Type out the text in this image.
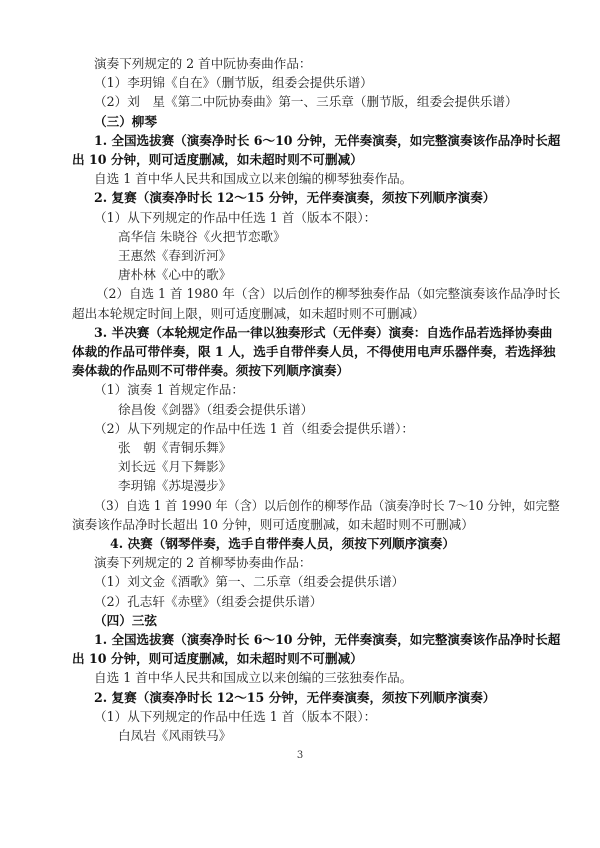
演奏下列规定的 2 首中阮协奏曲作品：
（1）李玥锦《自在》（删节版，组委会提供乐谱）
（2）刘　星《第二中阮协奏曲》第一、三乐章（删节版，组委会提供乐谱）
（三）柳琴
1. 全国选拔赛（演奏净时长 6～10 分钟，无伴奏演奏，如完整演奏该作品净时长超
出 10 分钟，则可适度删减，如未超时则不可删减）
自选 1 首中华人民共和国成立以来创编的柳琴独奏作品。
2. 复赛（演奏净时长 12～15 分钟，无伴奏演奏，须按下列顺序演奏）
（1）从下列规定的作品中任选 1 首（版本不限）：
高华信 朱晓谷《火把节恋歌》
王惠然《春到沂河》
唐朴林《心中的歌》
（2）自选 1 首 1980 年（含）以后创作的柳琴独奏作品（如完整演奏该作品净时长
超出本轮规定时间上限，则可适度删减，如未超时则不可删减）
3. 半决赛（本轮规定作品一律以独奏形式（无伴奏）演奏：自选作品若选择协奏曲
体裁的作品可带伴奏，限 1 人，选手自带伴奏人员，不得使用电声乐器伴奏，若选择独
奏体裁的作品则不可带伴奏。须按下列顺序演奏）
（1）演奏 1 首规定作品：
徐昌俊《剑器》（组委会提供乐谱）
（2）从下列规定的作品中任选 1 首（组委会提供乐谱）：
张　朝《青铜乐舞》
刘长远《月下舞影》
李玥锦《苏堤漫步》
（3）自选 1 首 1990 年（含）以后创作的柳琴作品（演奏净时长 7～10 分钟，如完整
演奏该作品净时长超出 10 分钟，则可适度删减，如未超时则不可删减）
4. 决赛（钢琴伴奏，选手自带伴奏人员，须按下列顺序演奏）
演奏下列规定的 2 首柳琴协奏曲作品：
（1）刘文金《酒歌》第一、二乐章（组委会提供乐谱）
（2）孔志轩《赤壁》（组委会提供乐谱）
（四）三弦
1. 全国选拔赛（演奏净时长 6～10 分钟，无伴奏演奏，如完整演奏该作品净时长超
出 10 分钟，则可适度删减，如未超时则不可删减）
自选 1 首中华人民共和国成立以来创编的三弦独奏作品。
2. 复赛（演奏净时长 12～15 分钟，无伴奏演奏，须按下列顺序演奏）
（1）从下列规定的作品中任选 1 首（版本不限）：
白凤岩《风雨铁马》
3
